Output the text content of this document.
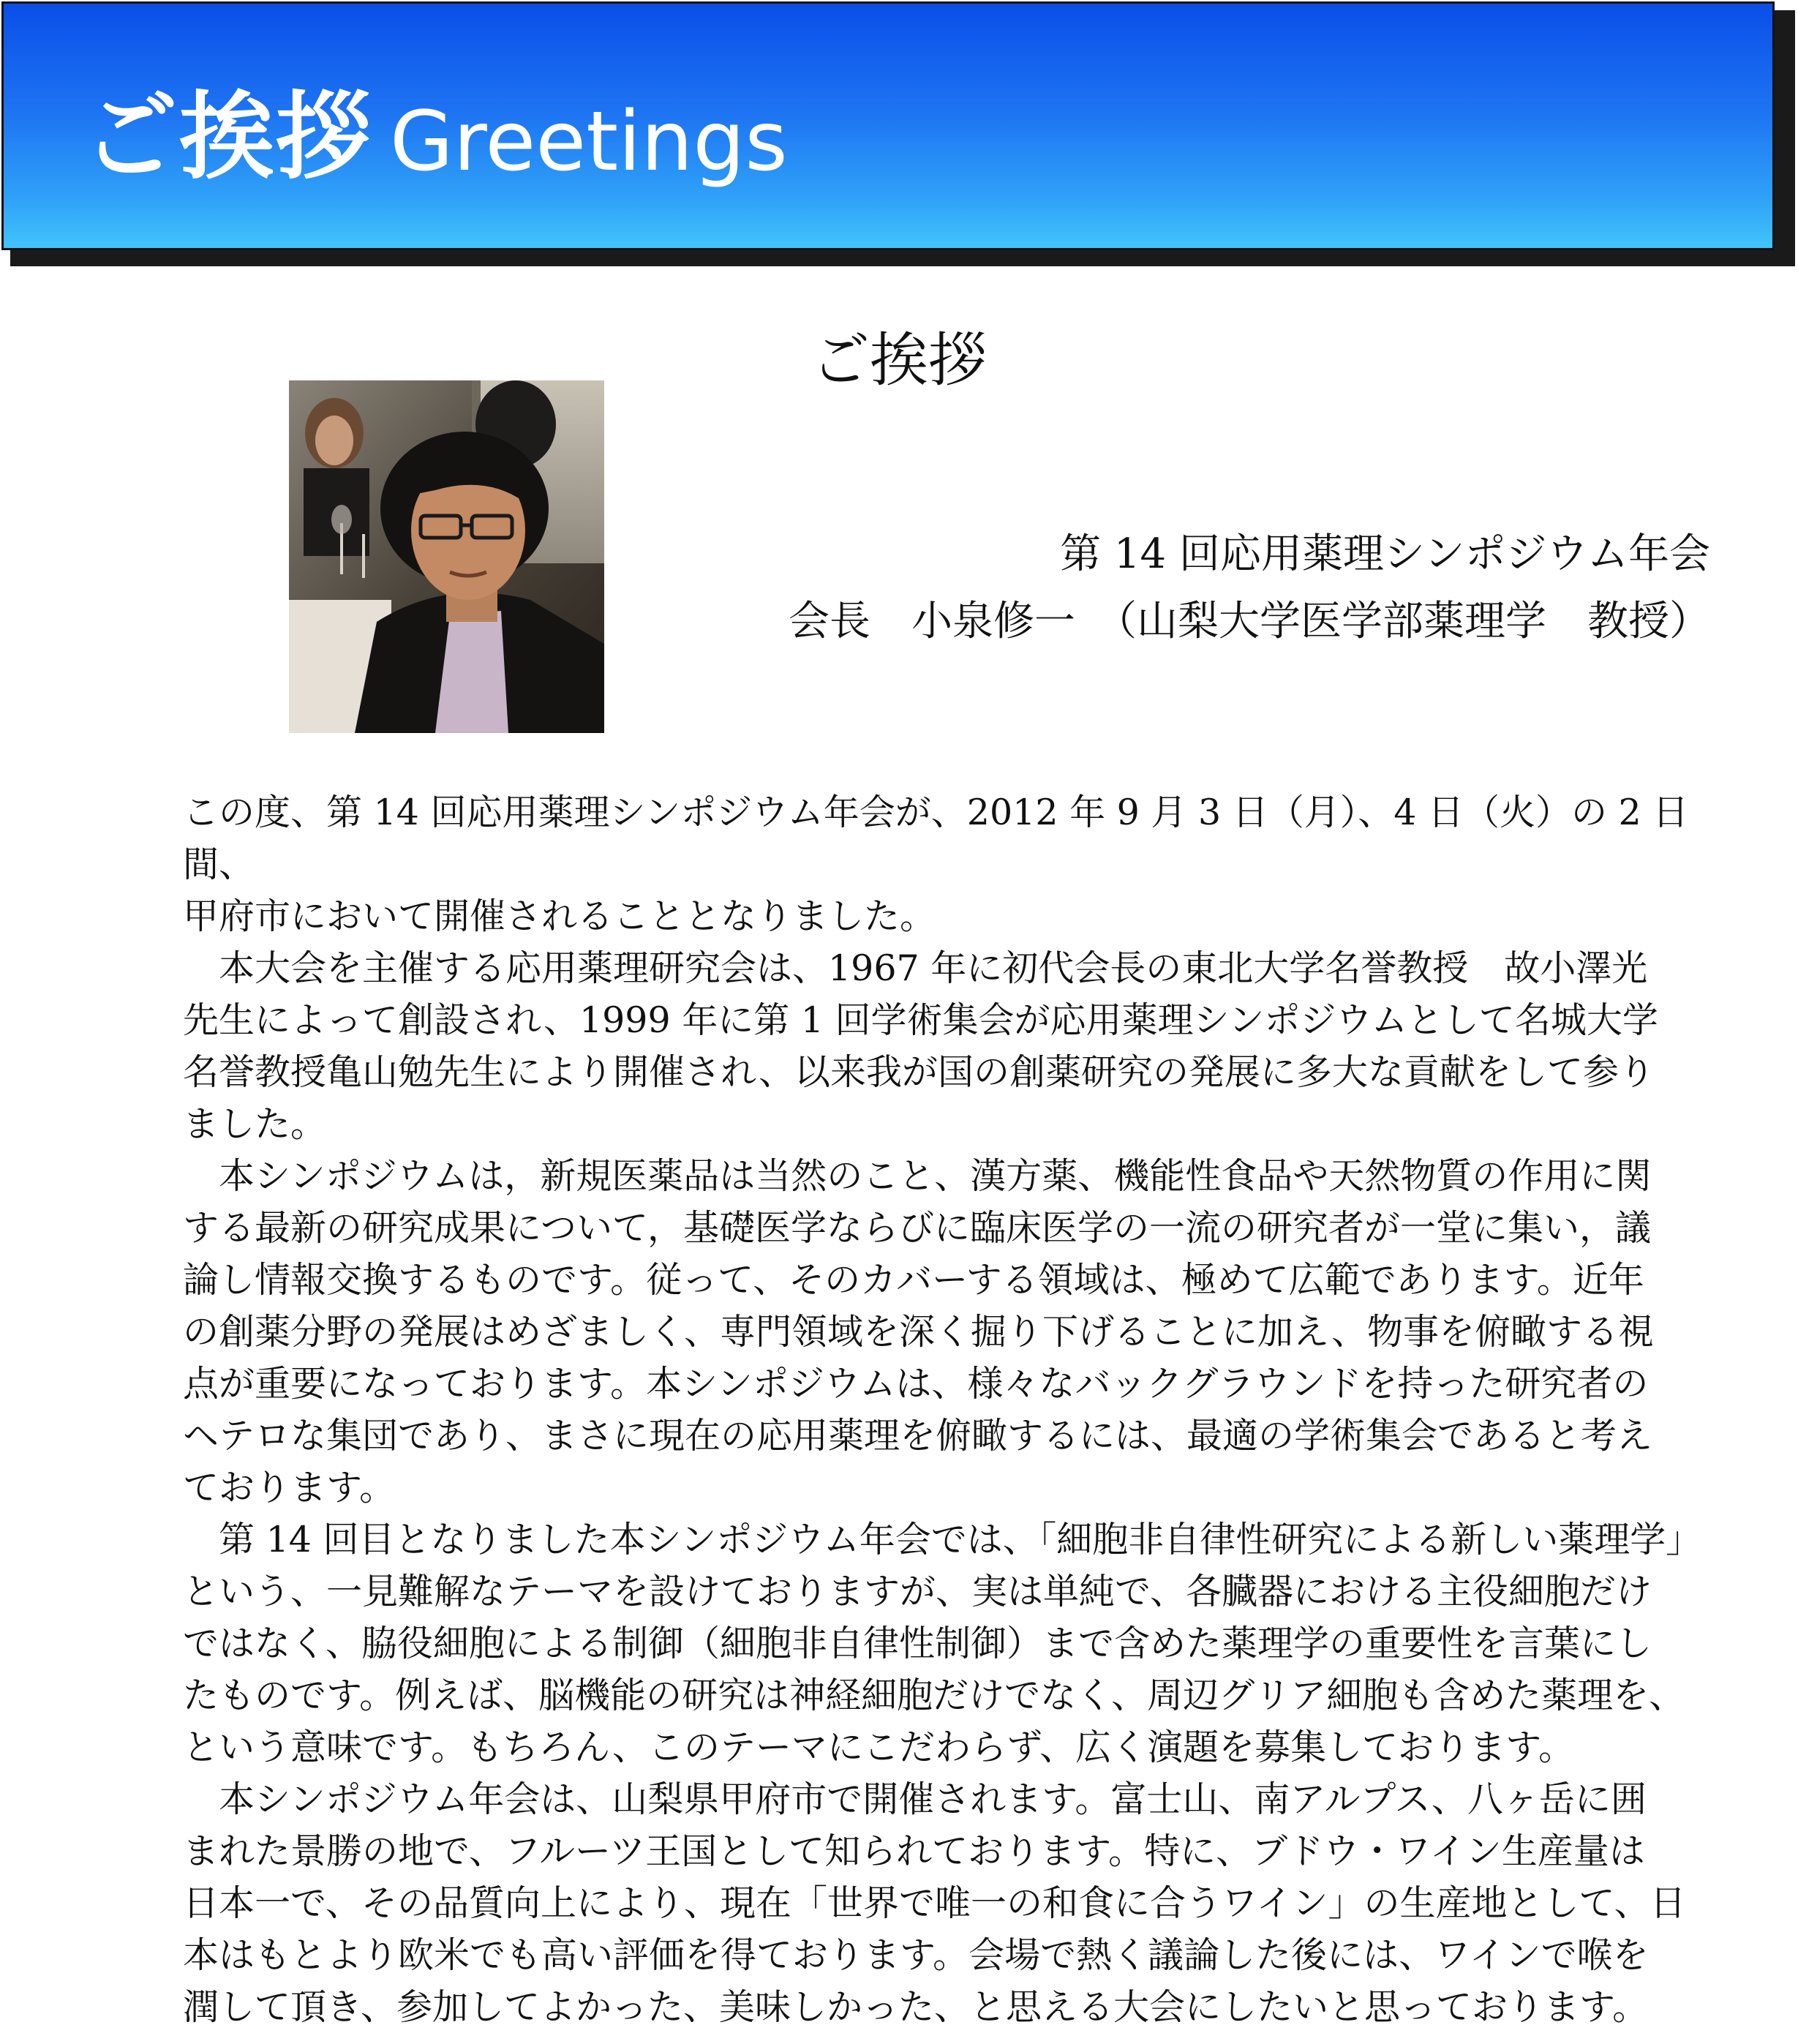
ご挨拶 Greetings
ご挨拶
第 14 回応用薬理シンポジウム年会
会長　小泉修一　（山梨大学医学部薬理学　教授）

この度、第 14 回応用薬理シンポジウム年会が、2012 年 9 月 3 日（月）、4 日（火）の 2 日間、
甲府市において開催されることとなりました。

　本大会を主催する応用薬理研究会は、1967 年に初代会長の東北大学名誉教授　故小澤光
先生によって創設され、1999 年に第 1 回学術集会が応用薬理シンポジウムとして名城大学
名誉教授亀山勉先生により開催され、以来我が国の創薬研究の発展に多大な貢献をして参り
ました。

　本シンポジウムは，新規医薬品は当然のこと、漢方薬、機能性食品や天然物質の作用に関
する最新の研究成果について，基礎医学ならびに臨床医学の一流の研究者が一堂に集い，議
論し情報交換するものです。従って、そのカバーする領域は、極めて広範であります。近年
の創薬分野の発展はめざましく、専門領域を深く掘り下げることに加え、物事を俯瞰する視
点が重要になっております。本シンポジウムは、様々なバックグラウンドを持った研究者の
ヘテロな集団であり、まさに現在の応用薬理を俯瞰するには、最適の学術集会であると考え
ております。

　第 14 回目となりました本シンポジウム年会では、「細胞非自律性研究による新しい薬理学」
という、一見難解なテーマを設けておりますが、実は単純で、各臓器における主役細胞だけ
ではなく、脇役細胞による制御（細胞非自律性制御）まで含めた薬理学の重要性を言葉にし
たものです。例えば、脳機能の研究は神経細胞だけでなく、周辺グリア細胞も含めた薬理を、
という意味です。もちろん、このテーマにこだわらず、広く演題を募集しております。

　本シンポジウム年会は、山梨県甲府市で開催されます。富士山、南アルプス、八ヶ岳に囲
まれた景勝の地で、フルーツ王国として知られております。特に、ブドウ・ワイン生産量は
日本一で、その品質向上により、現在「世界で唯一の和食に合うワイン」の生産地として、日
本はもとより欧米でも高い評価を得ております。会場で熱く議論した後には、ワインで喉を
潤して頂き、参加してよかった、美味しかった、と思える大会にしたいと思っております。
